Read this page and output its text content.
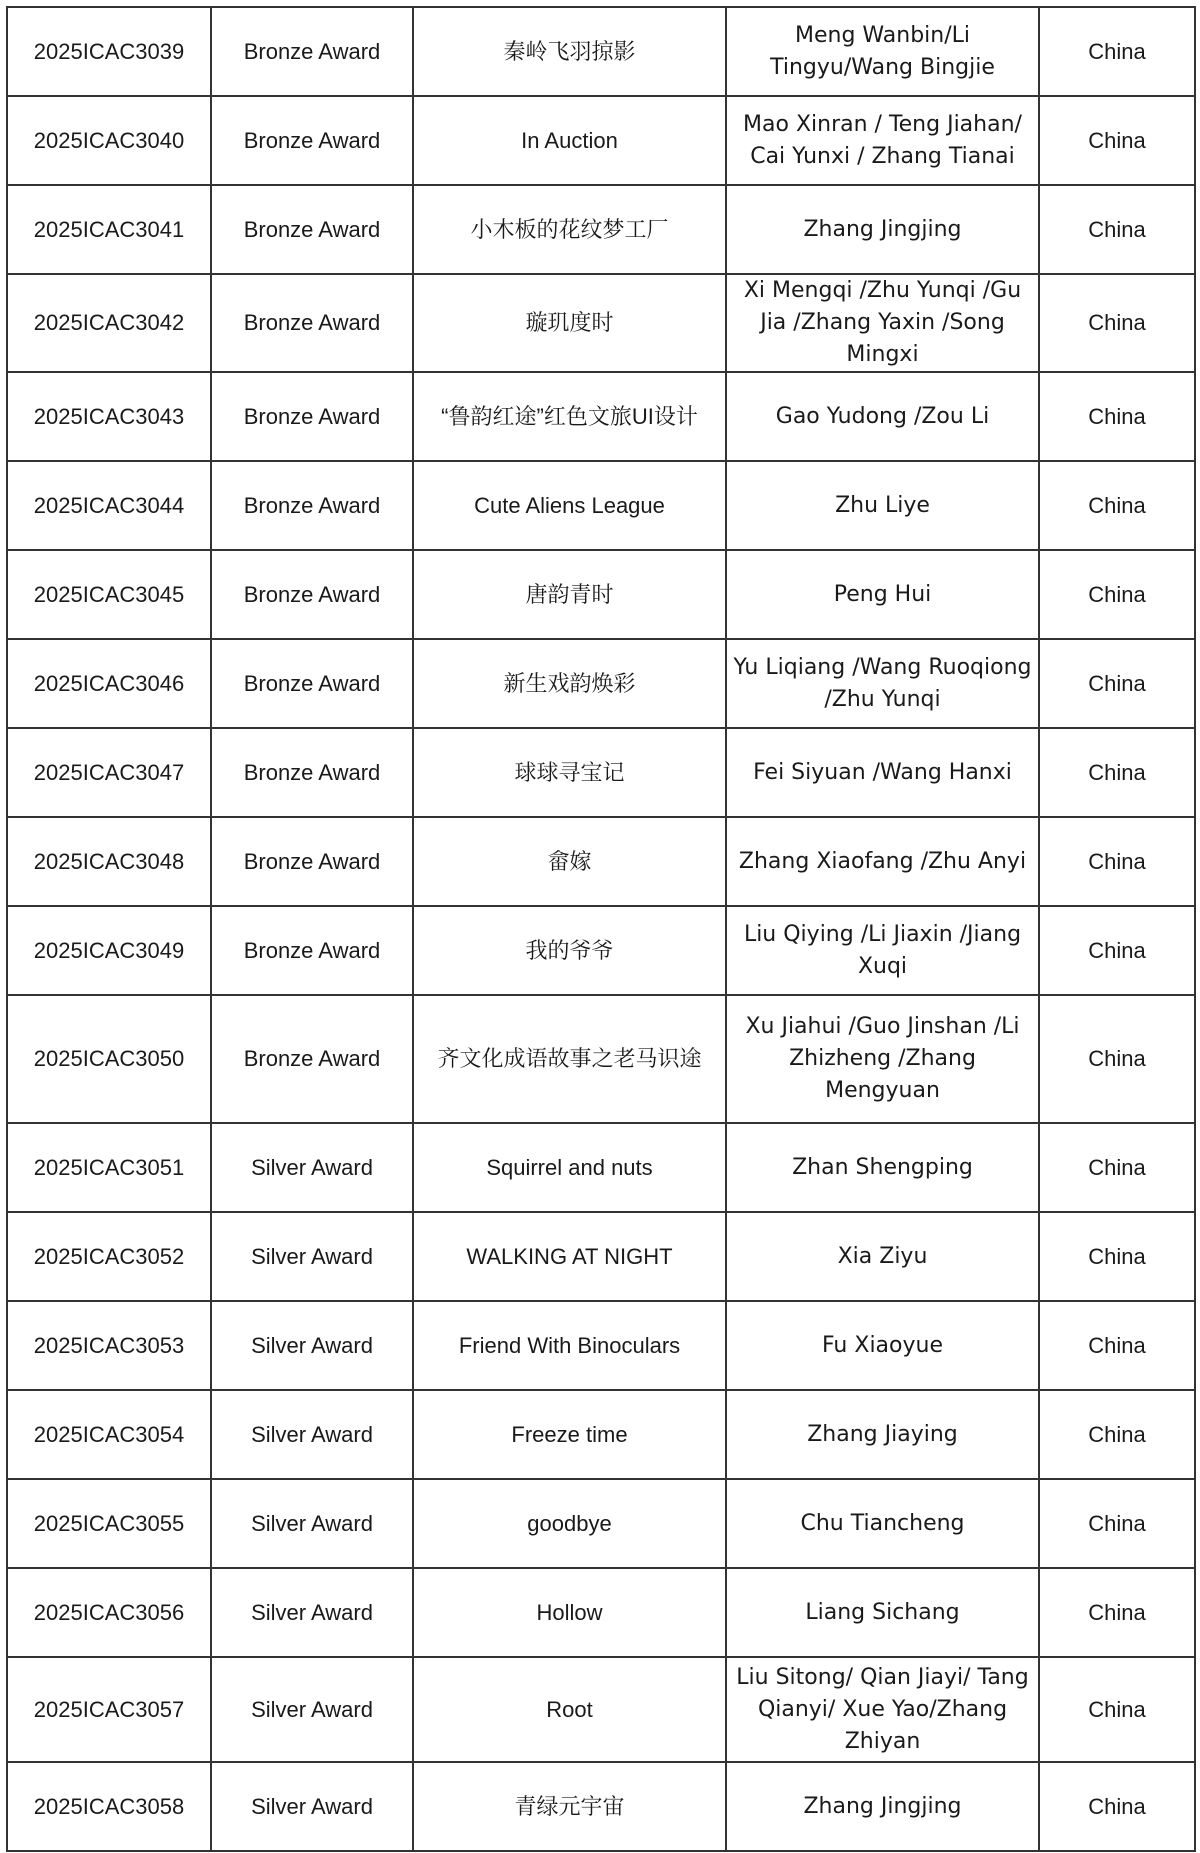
2025ICAC3039	Bronze Award	秦岭飞羽掠影	Meng Wanbin/Li Tingyu/Wang Bingjie	China
2025ICAC3040	Bronze Award	In Auction	Mao Xinran / Teng Jiahan/ Cai Yunxi / Zhang Tianai	China
2025ICAC3041	Bronze Award	小木板的花纹梦工厂	Zhang Jingjing	China
2025ICAC3042	Bronze Award	璇玑度时	Xi Mengqi /Zhu Yunqi /Gu Jia /Zhang Yaxin /Song Mingxi	China
2025ICAC3043	Bronze Award	“鲁韵红途”红色文旅UI设计	Gao Yudong /Zou Li	China
2025ICAC3044	Bronze Award	Cute Aliens League	Zhu Liye	China
2025ICAC3045	Bronze Award	唐韵青时	Peng Hui	China
2025ICAC3046	Bronze Award	新生戏韵焕彩	Yu Liqiang /Wang Ruoqiong /Zhu Yunqi	China
2025ICAC3047	Bronze Award	球球寻宝记	Fei Siyuan /Wang Hanxi	China
2025ICAC3048	Bronze Award	畲嫁	Zhang Xiaofang /Zhu Anyi	China
2025ICAC3049	Bronze Award	我的爷爷	Liu Qiying /Li Jiaxin /Jiang Xuqi	China
2025ICAC3050	Bronze Award	齐文化成语故事之老马识途	Xu Jiahui /Guo Jinshan /Li Zhizheng /Zhang Mengyuan	China
2025ICAC3051	Silver Award	Squirrel and nuts	Zhan Shengping	China
2025ICAC3052	Silver Award	WALKING AT NIGHT	Xia Ziyu	China
2025ICAC3053	Silver Award	Friend With Binoculars	Fu Xiaoyue	China
2025ICAC3054	Silver Award	Freeze time	Zhang Jiaying	China
2025ICAC3055	Silver Award	goodbye	Chu Tiancheng	China
2025ICAC3056	Silver Award	Hollow	Liang Sichang	China
2025ICAC3057	Silver Award	Root	Liu Sitong/ Qian Jiayi/ Tang Qianyi/ Xue Yao/Zhang Zhiyan	China
2025ICAC3058	Silver Award	青绿元宇宙	Zhang Jingjing	China
